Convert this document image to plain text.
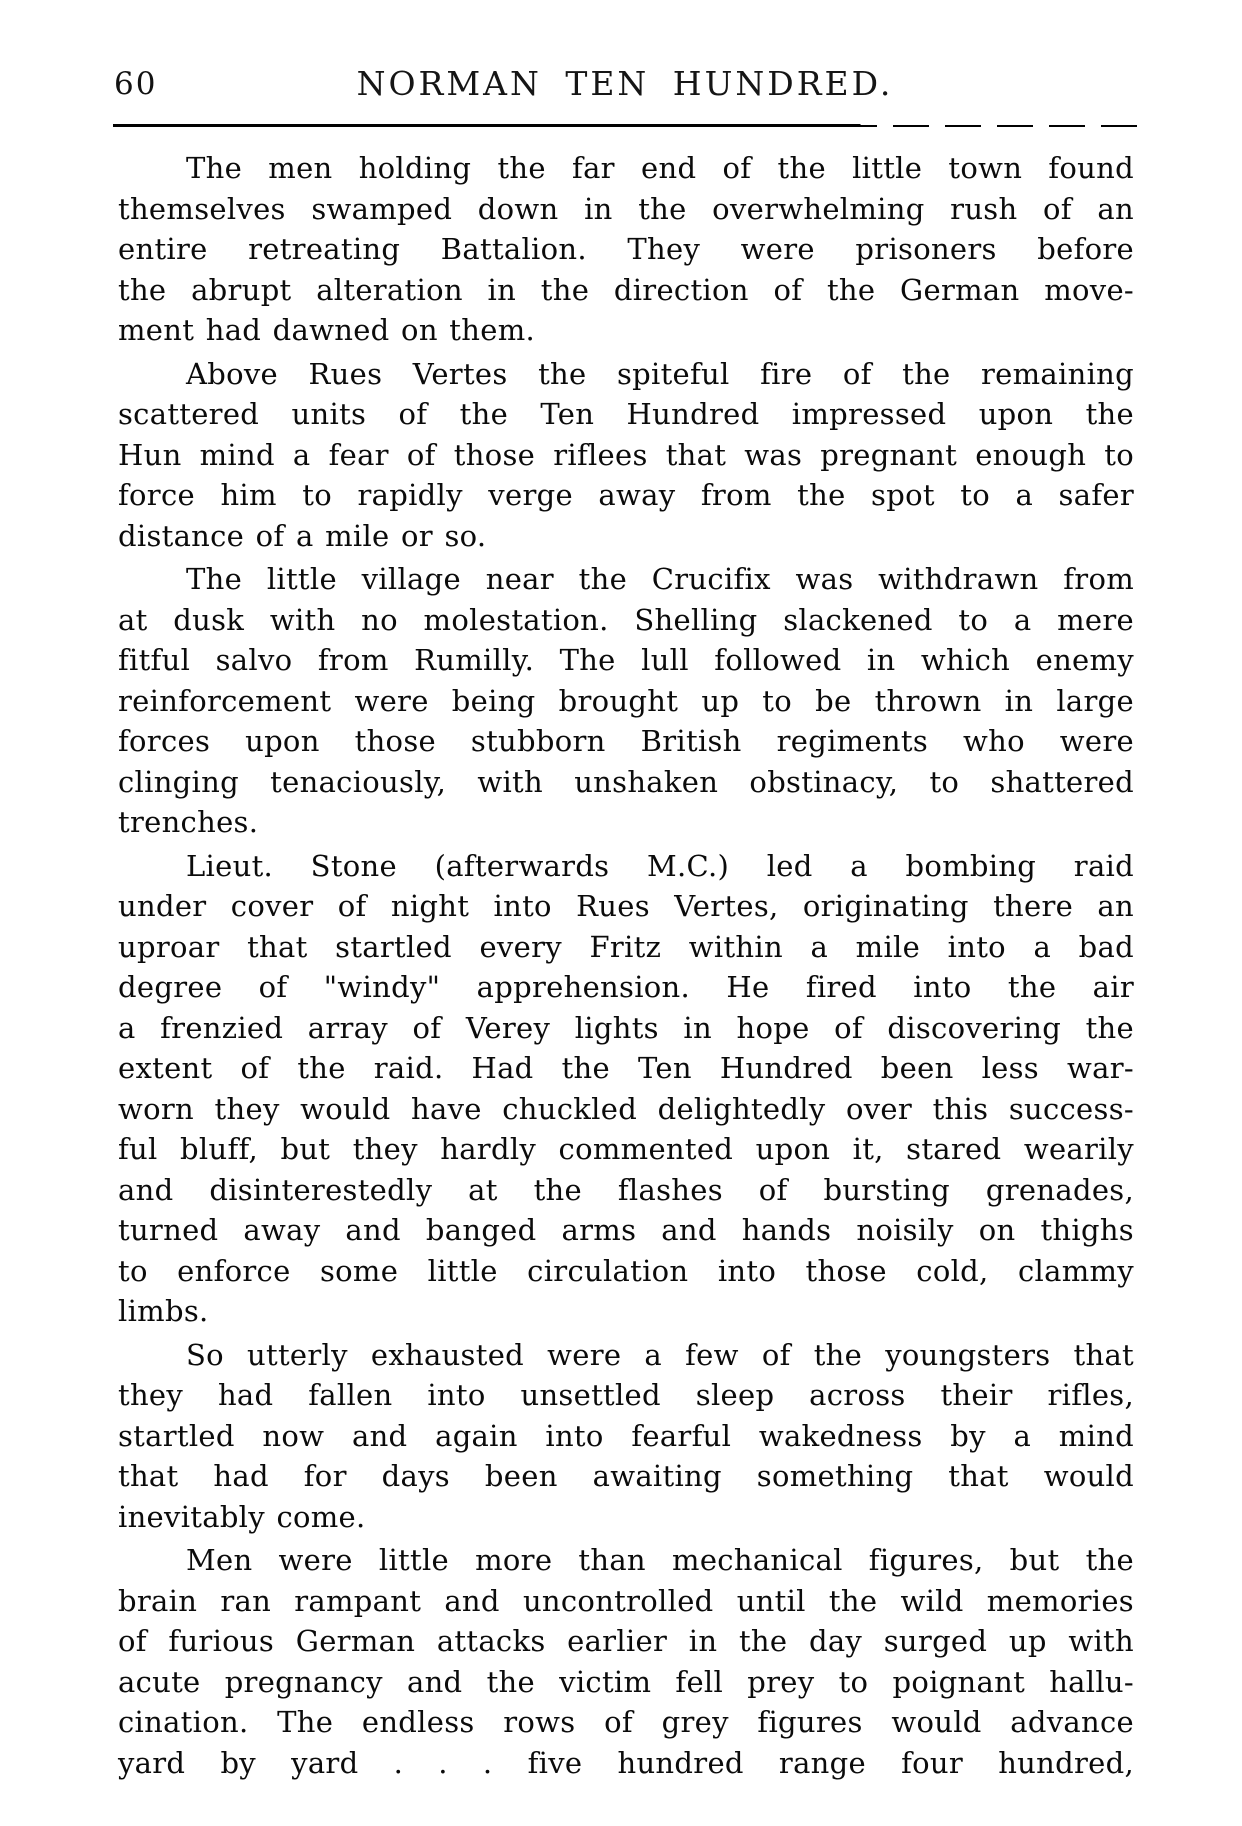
60	NORMAN TEN HUNDRED.
The men holding the far end of the little town found
themselves swamped down in the overwhelming rush of an
entire retreating Battalion. They were prisoners before
the abrupt alteration in the direction of the German move-
ment had dawned on them.
Above Rues Vertes the spiteful fire of the remaining
scattered units of the Ten Hundred impressed upon the
Hun mind a fear of those riflees that was pregnant enough to
force him to rapidly verge away from the spot to a safer
distance of a mile or so.
The little village near the Crucifix was withdrawn from
at dusk with no molestation. Shelling slackened to a mere
fitful salvo from Rumilly. The lull followed in which enemy
reinforcement were being brought up to be thrown in large
forces upon those stubborn British regiments who were
clinging tenaciously, with unshaken obstinacy, to shattered
trenches.
Lieut. Stone (afterwards M.C.) led a bombing raid
under cover of night into Rues Vertes, originating there an
uproar that startled every Fritz within a mile into a bad
degree of "windy" apprehension. He fired into the air
a frenzied array of Verey lights in hope of discovering the
extent of the raid. Had the Ten Hundred been less war-
worn they would have chuckled delightedly over this success-
ful bluff, but they hardly commented upon it, stared wearily
and disinterestedly at the flashes of bursting grenades,
turned away and banged arms and hands noisily on thighs
to enforce some little circulation into those cold, clammy
limbs.
So utterly exhausted were a few of the youngsters that
they had fallen into unsettled sleep across their rifles,
startled now and again into fearful wakedness by a mind
that had for days been awaiting something that would
inevitably come.
Men were little more than mechanical figures, but the
brain ran rampant and uncontrolled until the wild memories
of furious German attacks earlier in the day surged up with
acute pregnancy and the victim fell prey to poignant hallu-
cination. The endless rows of grey figures would advance
yard by yard . . . five hundred range four hundred,
